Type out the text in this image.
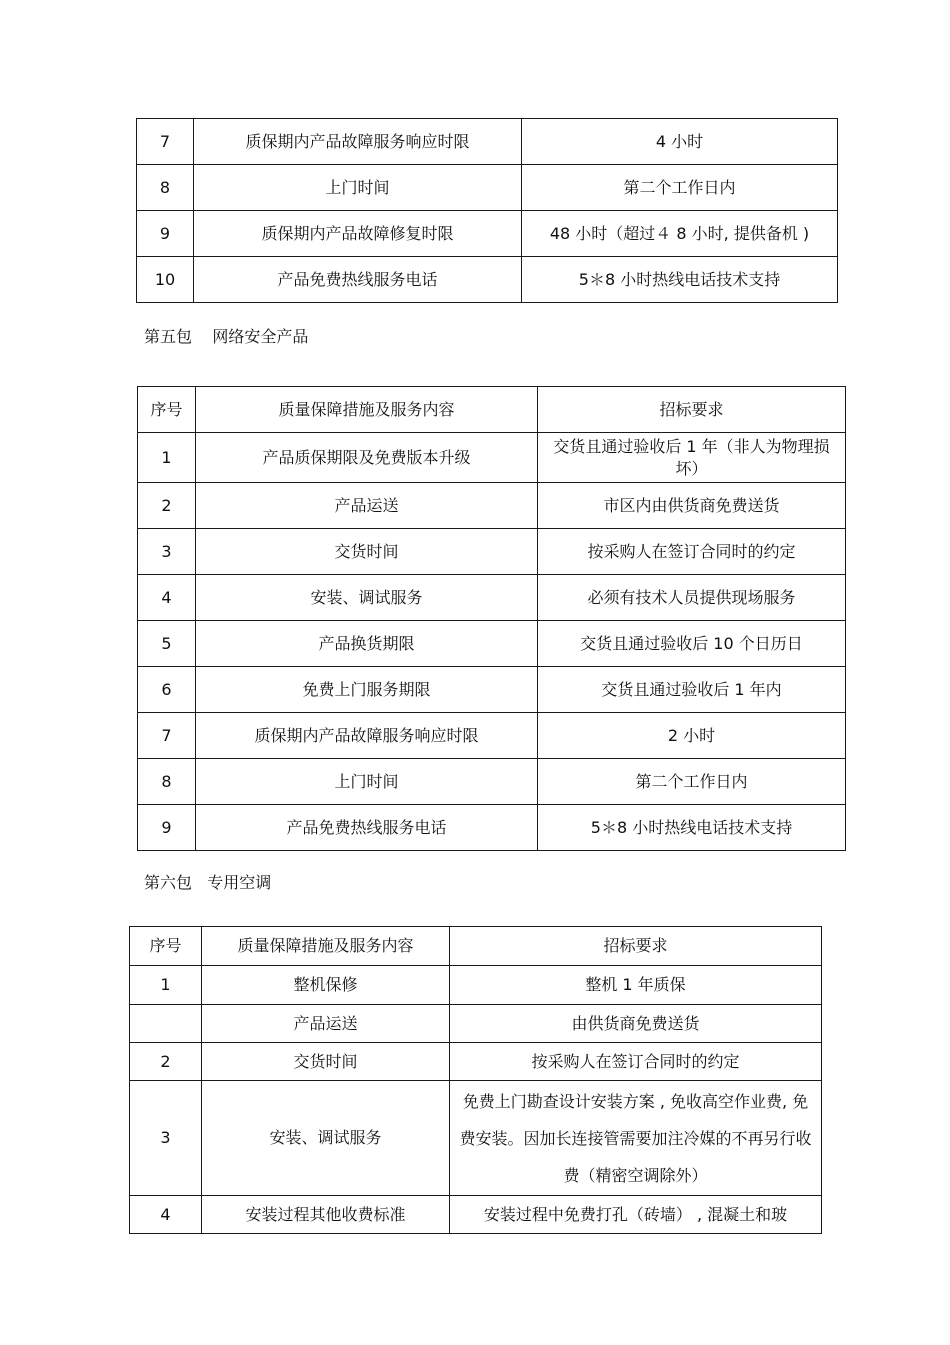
7	质保期内产品故障服务响应时限	4 小时
8	上门时间	第二个工作日内
9	质保期内产品故障修复时限	48 小时（超过４ 8 小时, 提供备机 )
10	产品免费热线服务电话	5＊8 小时热线电话技术支持
第五包    网络安全产品
序号	质量保障措施及服务内容	招标要求
1	产品质保期限及免费版本升级	交货且通过验收后 1 年（非人为物理损坏）
2	产品运送	市区内由供货商免费送货
3	交货时间	按采购人在签订合同时的约定
4	安装、调试服务	必须有技术人员提供现场服务
5	产品换货期限	交货且通过验收后 10 个日历日
6	免费上门服务期限	交货且通过验收后 1 年内
7	质保期内产品故障服务响应时限	2 小时
8	上门时间	第二个工作日内
9	产品免费热线服务电话	5＊8 小时热线电话技术支持
第六包   专用空调
序号	质量保障措施及服务内容	招标要求
1	整机保修	整机 1 年质保
	产品运送	由供货商免费送货
2	交货时间	按采购人在签订合同时的约定
3	安装、调试服务	免费上门勘查设计安装方案 , 免收高空作业费, 免费安装。因加长连接管需要加注冷媒的不再另行收费（精密空调除外）
4	安装过程其他收费标准	安装过程中免费打孔（砖墙） , 混凝土和玻
